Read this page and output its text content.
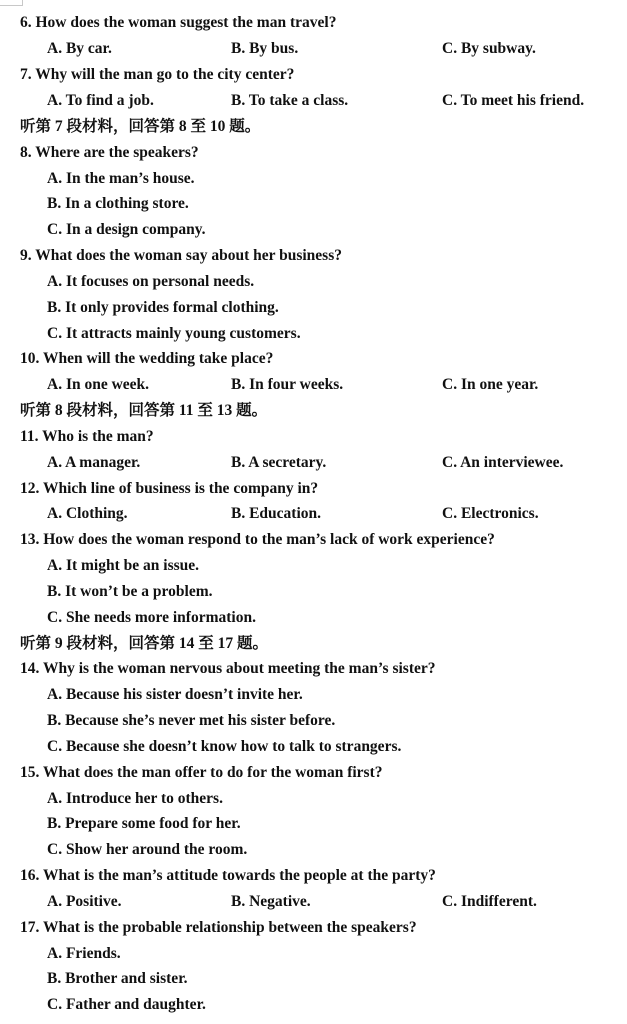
6. How does the woman suggest the man travel?
A. By car.	B. By bus.	C. By subway.
7. Why will the man go to the city center?
A. To find a job.	B. To take a class.	C. To meet his friend.
听第 7 段材料，回答第 8 至 10 题。
8. Where are the speakers?
A. In the man’s house.
B. In a clothing store.
C. In a design company.
9. What does the woman say about her business?
A. It focuses on personal needs.
B. It only provides formal clothing.
C. It attracts mainly young customers.
10. When will the wedding take place?
A. In one week.	B. In four weeks.	C. In one year.
听第 8 段材料，回答第 11 至 13 题。
11. Who is the man?
A. A manager.	B. A secretary.	C. An interviewee.
12. Which line of business is the company in?
A. Clothing.	B. Education.	C. Electronics.
13. How does the woman respond to the man’s lack of work experience?
A. It might be an issue.
B. It won’t be a problem.
C. She needs more information.
听第 9 段材料，回答第 14 至 17 题。
14. Why is the woman nervous about meeting the man’s sister?
A. Because his sister doesn’t invite her.
B. Because she’s never met his sister before.
C. Because she doesn’t know how to talk to strangers.
15. What does the man offer to do for the woman first?
A. Introduce her to others.
B. Prepare some food for her.
C. Show her around the room.
16. What is the man’s attitude towards the people at the party?
A. Positive.	B. Negative.	C. Indifferent.
17. What is the probable relationship between the speakers?
A. Friends.
B. Brother and sister.
C. Father and daughter.
